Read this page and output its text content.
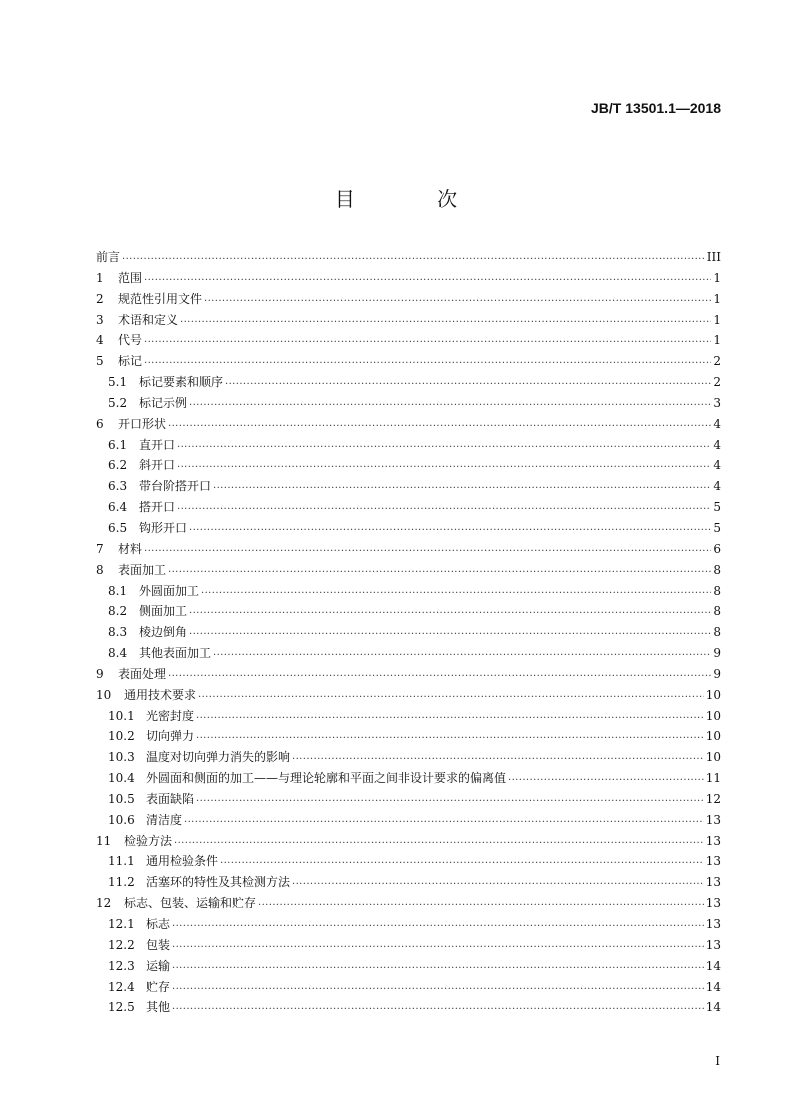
JB/T 13501.1—2018
目 次
前言 .....	III
1	范围 .....	1
2	规范性引用文件 .....	1
3	术语和定义 .....	1
4	代号 .....	1
5	标记 .....	2
5.1 标记要素和顺序 .....	2
5.2 标记示例 .....	3
6	开口形状 .....	4
6.1 直开口 .....	4
6.2 斜开口 .....	4
6.3 带台阶搭开口 .....	4
6.4 搭开口 .....	5
6.5 钩形开口 .....	5
7	材料 .....	6
8	表面加工 .....	8
8.1 外圆面加工 .....	8
8.2 侧面加工 .....	8
8.3 棱边倒角 .....	8
8.4 其他表面加工 .....	9
9	表面处理 .....	9
10	通用技术要求 .....	10
10.1 光密封度 .....	10
10.2 切向弹力 .....	10
10.3 温度对切向弹力消失的影响 .....	10
10.4 外圆面和侧面的加工——与理论轮廓和平面之间非设计要求的偏离值 .....	11
10.5 表面缺陷 .....	12
10.6 清洁度 .....	13
11	检验方法 .....	13
11.1 通用检验条件 .....	13
11.2 活塞环的特性及其检测方法 .....	13
12	标志、包装、运输和贮存 .....	13
12.1 标志 .....	13
12.2 包装 .....	13
12.3 运输 .....	14
12.4 贮存 .....	14
12.5 其他 .....	14
I
